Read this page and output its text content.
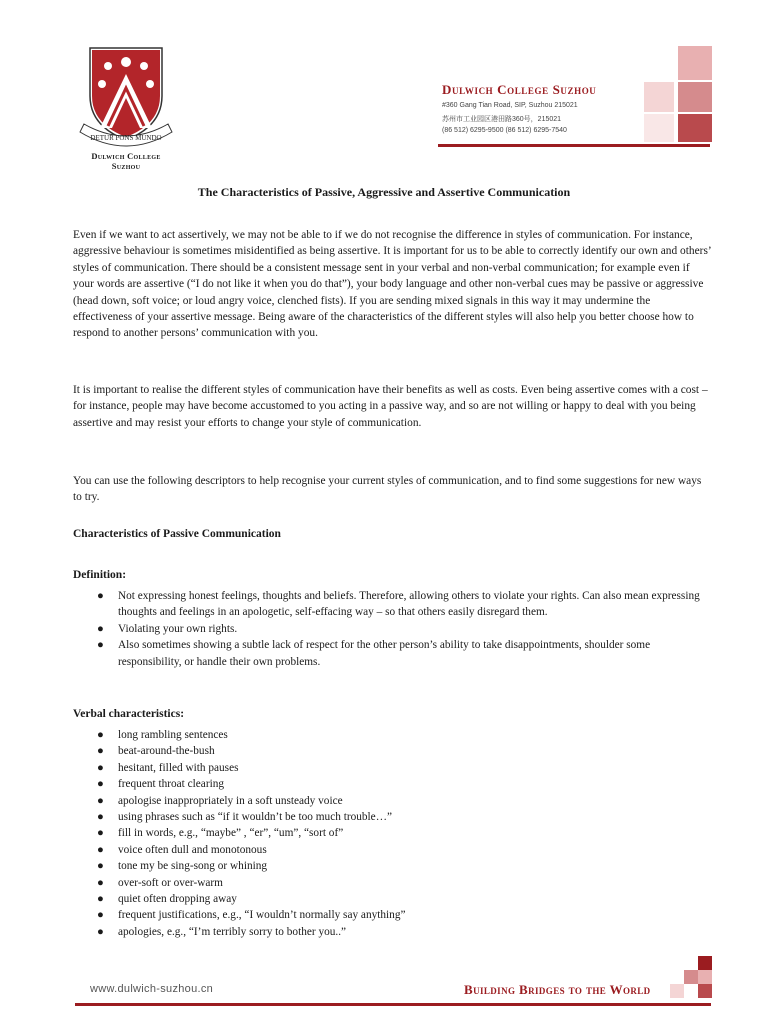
DETUR PONS MUNDO
Dulwich College
Suzhou
Dulwich College Suzhou
#360 Gang Tian Road, SIP, Suzhou 215021
苏州市工业园区港田路360号，215021
(86 512) 6295-9500 (86 512) 6295-7540
The Characteristics of Passive, Aggressive and Assertive Communication

Even if we want to act assertively, we may not be able to if we do not recognise the difference in styles of communication. For instance, aggressive behaviour is sometimes misidentified as being assertive. It is important for us to be able to correctly identify our own and others’ styles of communication. There should be a consistent message sent in your verbal and non-verbal communication; for example even if your words are assertive (“I do not like it when you do that”), your body language and other non-verbal cues may be passive or aggressive (head down, soft voice; or loud angry voice, clenched fists). If you are sending mixed signals in this way it may undermine the effectiveness of your assertive message. Being aware of the characteristics of the different styles will also help you better choose how to respond to another persons’ communication with you.

It is important to realise the different styles of communication have their benefits as well as costs. Even being assertive comes with a cost – for instance, people may have become accustomed to you acting in a passive way, and so are not willing or happy to deal with you being assertive and may resist your efforts to change your style of communication.

You can use the following descriptors to help recognise your current styles of communication, and to find some suggestions for new ways to try.

Characteristics of Passive Communication
Definition:
● Not expressing honest feelings, thoughts and beliefs. Therefore, allowing others to violate your rights. Can also mean expressing thoughts and feelings in an apologetic, self-effacing way – so that others easily disregard them.
● Violating your own rights.
● Also sometimes showing a subtle lack of respect for the other person’s ability to take disappointments, shoulder some responsibility, or handle their own problems.
Verbal characteristics:
● long rambling sentences
● beat-around-the-bush
● hesitant, filled with pauses
● frequent throat clearing
● apologise inappropriately in a soft unsteady voice
● using phrases such as “if it wouldn’t be too much trouble…”
● fill in words, e.g., “maybe” , “er”, “um”, “sort of”
● voice often dull and monotonous
● tone my be sing-song or whining
● over-soft or over-warm
● quiet often dropping away
● frequent justifications, e.g., “I wouldn’t normally say anything”
● apologies, e.g., “I’m terribly sorry to bother you..”
www.dulwich-suzhou.cn	Building Bridges to the World
